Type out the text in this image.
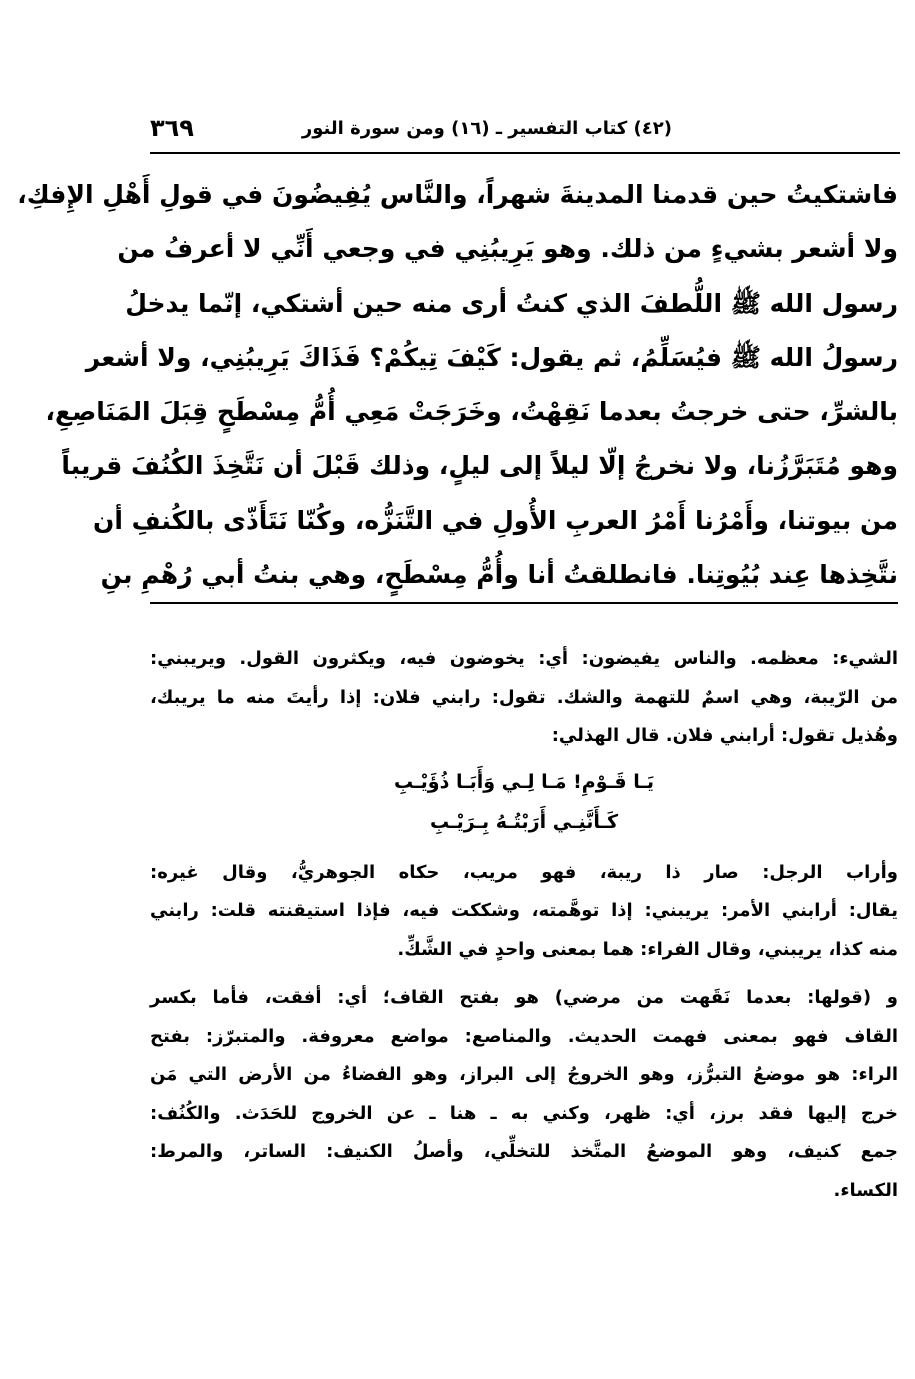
(٤٢) كتاب التفسير ـ (١٦) ومن سورة النور
٣٦٩
فاشتكيتُ حين قدمنا المدينةَ شهراً، والنَّاس يُفِيضُونَ في قولِ أَهْلِ الإِفكِ،
ولا أشعر بشيءٍ من ذلك. وهو يَرِيبُنِي في وجعي أَنِّي لا أعرفُ من
رسول الله ﷺ اللُّطفَ الذي كنتُ أرى منه حين أشتكي، إنّما يدخلُ
رسولُ الله ﷺ فيُسَلِّمُ، ثم يقول: كَيْفَ تِيكُمْ؟ فَذَاكَ يَرِيبُنِي، ولا أشعر
بالشرِّ، حتى خرجتُ بعدما نَقِهْتُ، وخَرَجَتْ مَعِي أُمُّ مِسْطَحٍ قِبَلَ المَنَاصِعِ،
وهو مُتَبَرَّزُنا، ولا نخرجُ إلّا ليلاً إلى ليلٍ، وذلك قَبْلَ أن نَتَّخِذَ الكُنُفَ قريباً
من بيوتنا، وأَمْرُنا أَمْرُ العربِ الأُولِ في التَّنَزُّه، وكُنّا نَتَأَذّى بالكُنفِ أن
نتَّخِذها عِند بُيُوتِنا. فانطلقتُ أنا وأُمُّ مِسْطَحٍ، وهي بنتُ أبي رُهْمِ بنِ
الشيء: معظمه. والناس يفيضون: أي: يخوضون فيه، ويكثرون القول. ويريبني:
من الرّيبة، وهي اسمٌ للتهمة والشك. تقول: رابني فلان: إذا رأيتَ منه ما يريبك،
وهُذيل تقول: أرابني فلان. قال الهذلي:
يَـا قَـوْمِ! مَـا لِـي وَأَبَـا ذُؤَيْـبِ
كَـأَنَّنِـي أَرَبْتُـهُ بِـرَيْـبِ
وأراب الرجل: صار ذا ريبة، فهو مريب، حكاه الجوهريُّ، وقال غيره:
يقال: أرابني الأمر: يريبني: إذا توهَّمته، وشككت فيه، فإذا استيقنته قلت: رابني
منه كذا، يريبني، وقال الفراء: هما بمعنى واحدٍ في الشَّكِّ.
و (قولها: بعدما نَقَهت من مرضي) هو بفتح القاف؛ أي: أفقت، فأما بكسر
القاف فهو بمعنى فهمت الحديث. والمناصع: مواضع معروفة. والمتبرّز: بفتح
الراء: هو موضعُ التبرُّز، وهو الخروجُ إلى البراز، وهو الفضاءُ من الأرض التي مَن
خرج إليها فقد برز، أي: ظهر، وكني به ـ هنا ـ عن الخروج للحَدَث. والكُنُف:
جمع كنيف، وهو الموضعُ المتَّخذ للتخلِّي، وأصلُ الكنيف: الساتر، والمرط:
الكساء.
